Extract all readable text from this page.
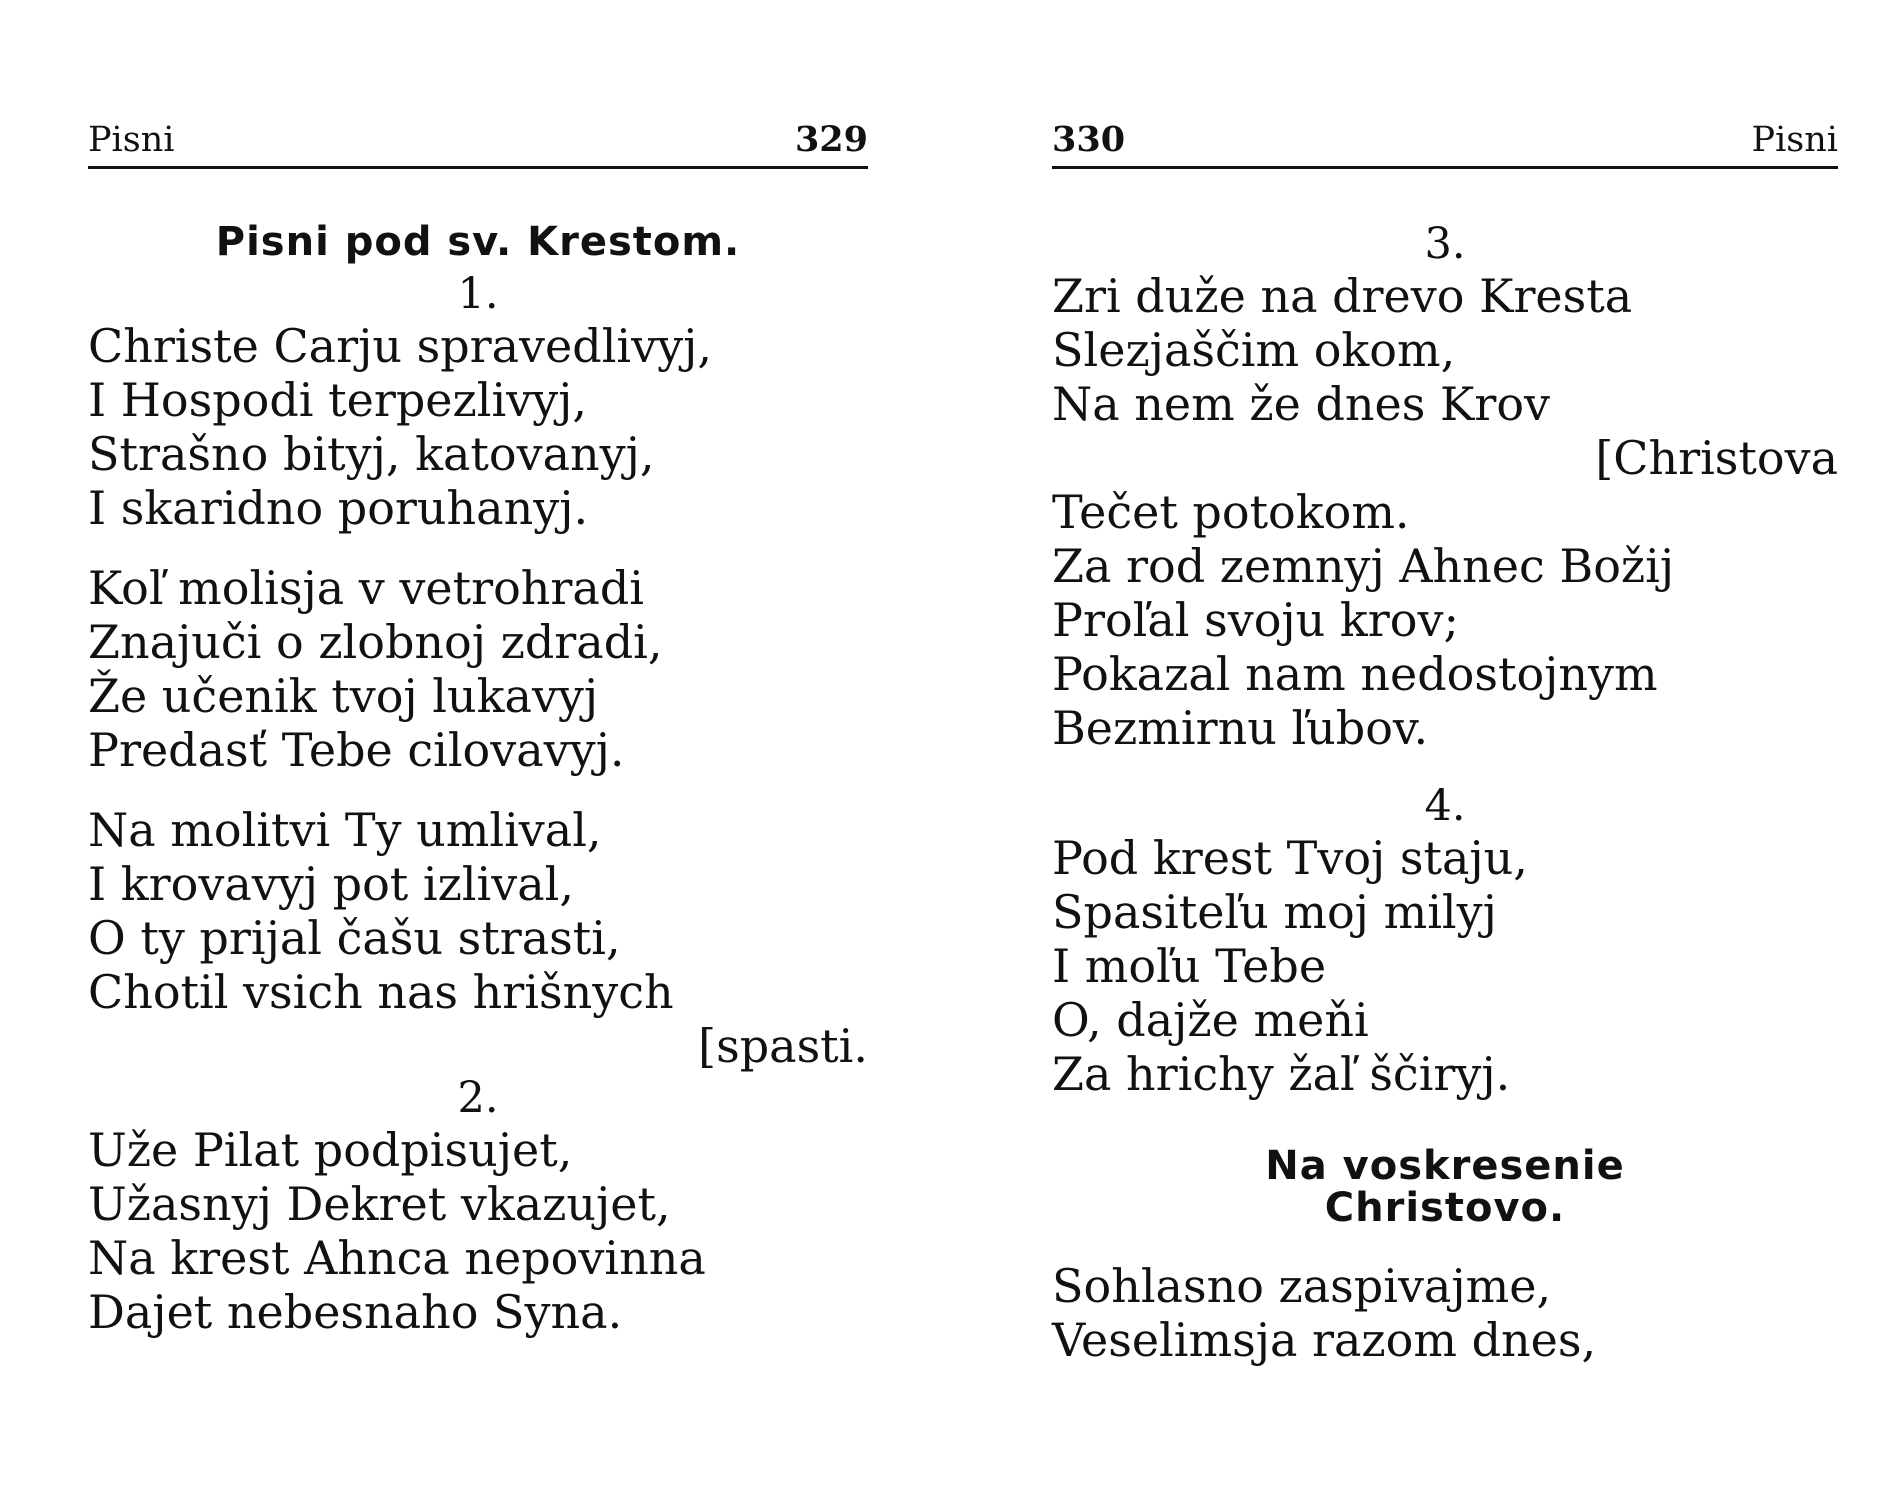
Pisni	329
Pisni pod sv. Krestom.
1.
Christe Carju spravedlivyj,
I Hospodi terpezlivyj,
Strašno bityj, katovanyj,
I skaridno poruhanyj.
Koľ molisja v vetrohradi
Znajuči o zlobnoj zdradi,
Že učenik tvoj lukavyj
Predasť Tebe cilovavyj.
Na molitvi Ty umlival,
I krovavyj pot izlival,
O ty prijal čašu strasti,
Chotil vsich nas hrišnych
[spasti.
2.
Uže Pilat podpisujet,
Užasnyj Dekret vkazujet,
Na krest Ahnca nepovinna
Dajet nebesnaho Syna.
330	Pisni
3.
Zri duže na drevo Kresta
Slezjaščim okom,
Na nem že dnes Krov
[Christova
Tečet potokom.
Za rod zemnyj Ahnec Božij
Proľal svoju krov;
Pokazal nam nedostojnym
Bezmirnu ľubov.
4.
Pod krest Tvoj staju,
Spasiteľu moj milyj
I moľu Tebe
O, dajže meňi
Za hrichy žaľ ščiryj.
Na voskresenie
Christovo.
Sohlasno zaspivajme,
Veselimsja razom dnes,
